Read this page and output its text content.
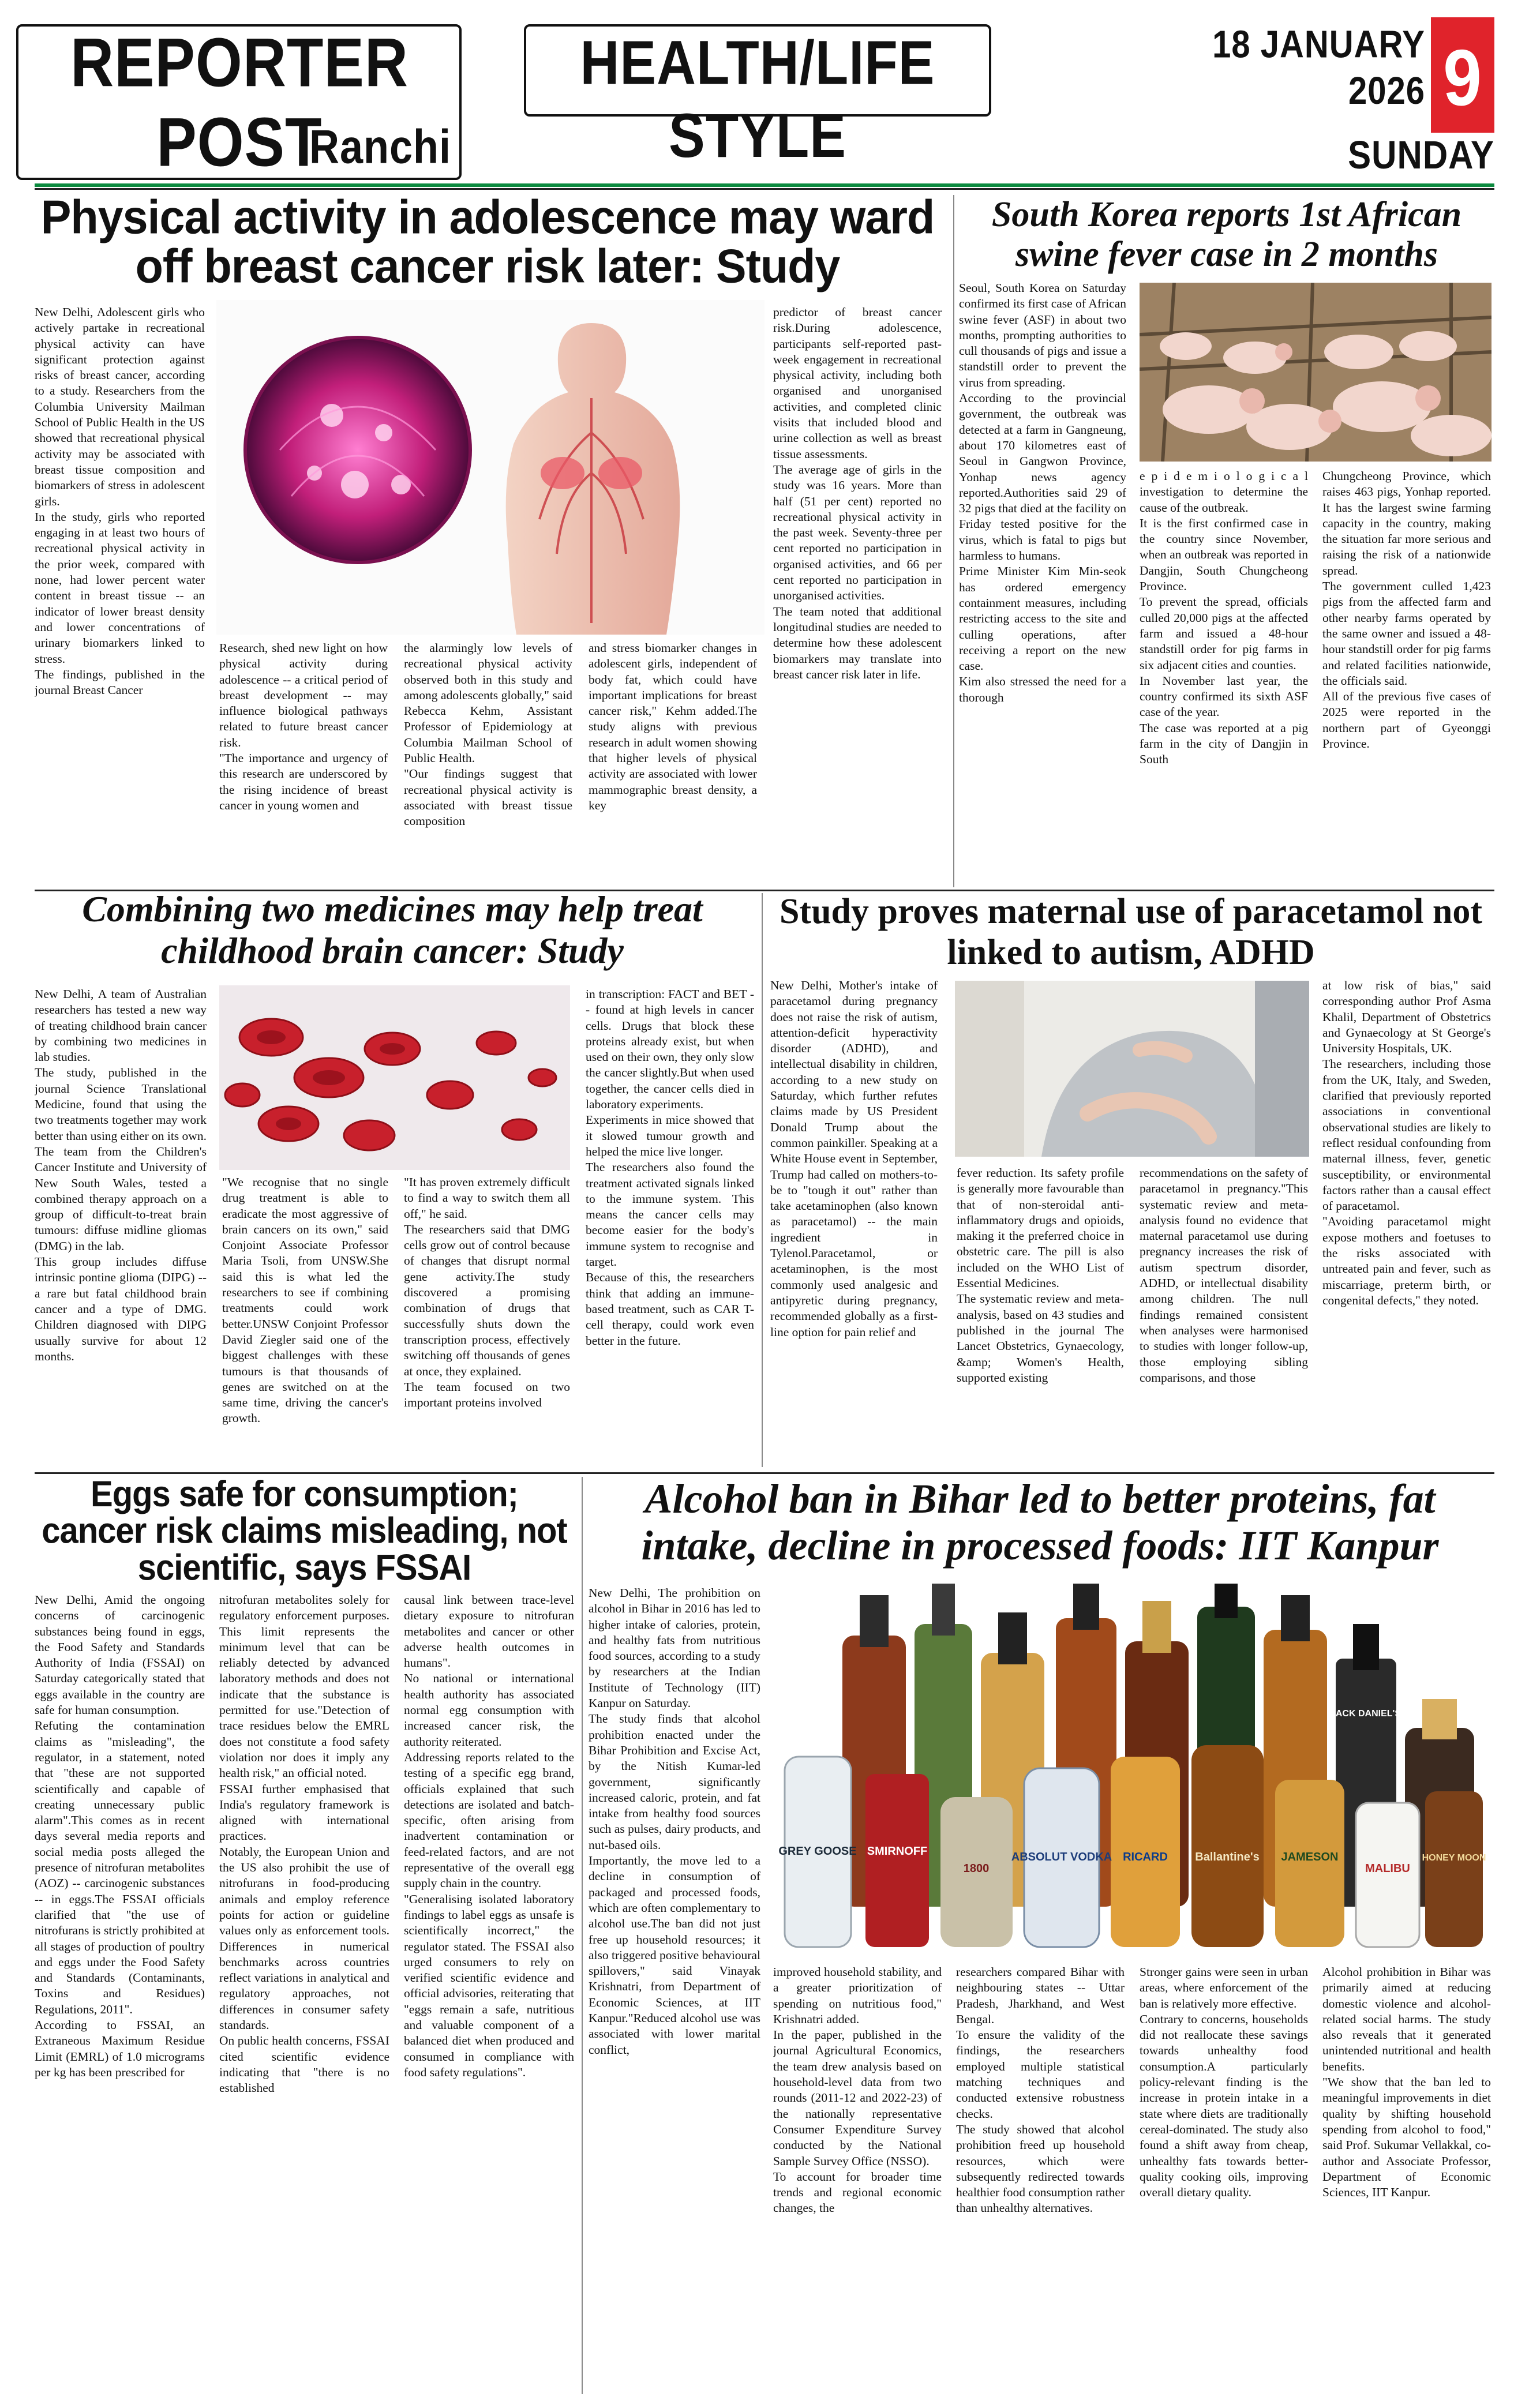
REPORTER POST
Ranchi
HEALTH/LIFE STYLE
18 JANUARY 2026 9
SUNDAY
Physical activity in adolescence may ward off breast cancer risk later: Study

New Delhi, Adolescent girls who actively partake in recreational physical activity can have significant protection against risks of breast cancer, according to a study. Researchers from the Columbia University Mailman School of Public Health in the US showed that recreational physical activity may be associated with breast tissue composition and biomarkers of stress in adolescent girls.
In the study, girls who reported engaging in at least two hours of recreational physical activity in the prior week, compared with none, had lower percent water content in breast tissue -- an indicator of lower breast density and lower concentrations of urinary biomarkers linked to stress.
The findings, published in the journal Breast Cancer

Research, shed new light on how physical activity during adolescence -- a critical period of breast development -- may influence biological pathways related to future breast cancer risk.
"The importance and urgency of this research are underscored by the rising incidence of breast cancer in young women and

the alarmingly low levels of recreational physical activity observed both in this study and among adolescents globally," said Rebecca Kehm, Assistant Professor of Epidemiology at Columbia Mailman School of Public Health.
"Our findings suggest that recreational physical activity is associated with breast tissue composition

and stress biomarker changes in adolescent girls, independent of body fat, which could have important implications for breast cancer risk," Kehm added.The study aligns with previous research in adult women showing that higher levels of physical activity are associated with lower mammographic breast density, a key

predictor of breast cancer risk.During adolescence, participants self-reported past-week engagement in recreational physical activity, including both organised and unorganised activities, and completed clinic visits that included blood and urine collection as well as breast tissue assessments.
The average age of girls in the study was 16 years. More than half (51 per cent) reported no recreational physical activity in the past week. Seventy-three per cent reported no participation in organised activities, and 66 per cent reported no participation in unorganised activities.
The team noted that additional longitudinal studies are needed to determine how these adolescent biomarkers may translate into breast cancer risk later in life.

South Korea reports 1st African swine fever case in 2 months

Seoul, South Korea on Saturday confirmed its first case of African swine fever (ASF) in about two months, prompting authorities to cull thousands of pigs and issue a standstill order to prevent the virus from spreading.
According to the provincial government, the outbreak was detected at a farm in Gangneung, about 170 kilometres east of Seoul in Gangwon Province, Yonhap news agency reported.Authorities said 29 of 32 pigs that died at the facility on Friday tested positive for the virus, which is fatal to pigs but harmless to humans.
Prime Minister Kim Min-seok has ordered emergency containment measures, including restricting access to the site and culling operations, after receiving a report on the new case.
Kim also stressed the need for a thorough

e p i d e m i o l o g i c a l investigation to determine the cause of the outbreak.
It is the first confirmed case in the country since November, when an outbreak was reported in Dangjin, South Chungcheong Province.
To prevent the spread, officials culled 20,000 pigs at the affected farm and issued a 48-hour standstill order for pig farms in six adjacent cities and counties.
In November last year, the country confirmed its sixth ASF case of the year.
The case was reported at a pig farm in the city of Dangjin in South

Chungcheong Province, which raises 463 pigs, Yonhap reported. It has the largest swine farming capacity in the country, making the situation far more serious and raising the risk of a nationwide spread.
The government culled 1,423 pigs from the affected farm and other nearby farms operated by the same owner and issued a 48-hour standstill order for pig farms and related facilities nationwide, the officials said.
All of the previous five cases of 2025 were reported in the northern part of Gyeonggi Province.

Combining two medicines may help treat childhood brain cancer: Study

New Delhi, A team of Australian researchers has tested a new way of treating childhood brain cancer by combining two medicines in lab studies.
The study, published in the journal Science Translational Medicine, found that using the two treatments together may work better than using either on its own.
The team from the Children's Cancer Institute and University of New South Wales, tested a combined therapy approach on a group of difficult-to-treat brain tumours: diffuse midline gliomas (DMG) in the lab.
This group includes diffuse intrinsic pontine glioma (DIPG) -- a rare but fatal childhood brain cancer and a type of DMG. Children diagnosed with DIPG usually survive for about 12 months.

"We recognise that no single drug treatment is able to eradicate the most aggressive of brain cancers on its own," said Conjoint Associate Professor Maria Tsoli, from UNSW.She said this is what led the researchers to see if combining treatments could work better.UNSW Conjoint Professor David Ziegler said one of the biggest challenges with these tumours is that thousands of genes are switched on at the same time, driving the cancer's growth.

"It has proven extremely difficult to find a way to switch them all off," he said.
The researchers said that DMG cells grow out of control because of changes that disrupt normal gene activity.The study discovered a promising combination of drugs that successfully shuts down the transcription process, effectively switching off thousands of genes at once, they explained.
The team focused on two important proteins involved

in transcription: FACT and BET -- found at high levels in cancer cells. Drugs that block these proteins already exist, but when used on their own, they only slow the cancer slightly.But when used together, the cancer cells died in laboratory experiments.
Experiments in mice showed that it slowed tumour growth and helped the mice live longer.
The researchers also found the treatment activated signals linked to the immune system. This means the cancer cells may become easier for the body's immune system to recognise and target.
Because of this, the researchers think that adding an immune-based treatment, such as CAR T-cell therapy, could work even better in the future.

Study proves maternal use of paracetamol not linked to autism, ADHD

New Delhi, Mother's intake of paracetamol during pregnancy does not raise the risk of autism, attention-deficit hyperactivity disorder (ADHD), and intellectual disability in children, according to a new study on Saturday, which further refutes claims made by US President Donald Trump about the common painkiller. Speaking at a White House event in September, Trump had called on mothers-to-be to "tough it out" rather than take acetaminophen (also known as paracetamol) -- the main ingredient in Tylenol.Paracetamol, or acetaminophen, is the most commonly used analgesic and antipyretic during pregnancy, recommended globally as a first-line option for pain relief and

fever reduction. Its safety profile is generally more favourable than that of non-steroidal anti-inflammatory drugs and opioids, making it the preferred choice in obstetric care. The pill is also included on the WHO List of Essential Medicines.
The systematic review and meta-analysis, based on 43 studies and published in the journal The Lancet Obstetrics, Gynaecology, &amp; Women's Health, supported existing

recommendations on the safety of paracetamol in pregnancy."This systematic review and meta-analysis found no evidence that maternal paracetamol use during pregnancy increases the risk of autism spectrum disorder, ADHD, or intellectual disability among children. The null findings remained consistent when analyses were harmonised to studies with longer follow-up, those employing sibling comparisons, and those

at low risk of bias," said corresponding author Prof Asma Khalil, Department of Obstetrics and Gynaecology at St George's University Hospitals, UK.
The researchers, including those from the UK, Italy, and Sweden, clarified that previously reported associations in conventional observational studies are likely to reflect residual confounding from maternal illness, fever, genetic susceptibility, or environmental factors rather than a causal effect of paracetamol.
"Avoiding paracetamol might expose mothers and foetuses to the risks associated with untreated pain and fever, such as miscarriage, preterm birth, or congenital defects," they noted.

Eggs safe for consumption; cancer risk claims misleading, not scientific, says FSSAI

New Delhi, Amid the ongoing concerns of carcinogenic substances being found in eggs, the Food Safety and Standards Authority of India (FSSAI) on Saturday categorically stated that eggs available in the country are safe for human consumption.
Refuting the contamination claims as "misleading", the regulator, in a statement, noted that "these are not supported scientifically and capable of creating unnecessary public alarm".This comes as in recent days several media reports and social media posts alleged the presence of nitrofuran metabolites (AOZ) -- carcinogenic substances -- in eggs.The FSSAI officials clarified that "the use of nitrofurans is strictly prohibited at all stages of production of poultry and eggs under the Food Safety and Standards (Contaminants, Toxins and Residues) Regulations, 2011".
According to FSSAI, an Extraneous Maximum Residue Limit (EMRL) of 1.0 micrograms per kg has been prescribed for

nitrofuran metabolites solely for regulatory enforcement purposes. This limit represents the minimum level that can be reliably detected by advanced laboratory methods and does not indicate that the substance is permitted for use."Detection of trace residues below the EMRL does not constitute a food safety violation nor does it imply any health risk," an official noted.
FSSAI further emphasised that India's regulatory framework is aligned with international practices.
Notably, the European Union and the US also prohibit the use of nitrofurans in food-producing animals and employ reference points for action or guideline values only as enforcement tools. Differences in numerical benchmarks across countries reflect variations in analytical and regulatory approaches, not differences in consumer safety standards.
On public health concerns, FSSAI cited scientific evidence indicating that "there is no established

causal link between trace-level dietary exposure to nitrofuran metabolites and cancer or other adverse health outcomes in humans".
No national or international health authority has associated normal egg consumption with increased cancer risk, the authority reiterated.
Addressing reports related to the testing of a specific egg brand, officials explained that such detections are isolated and batch-specific, often arising from inadvertent contamination or feed-related factors, and are not representative of the overall egg supply chain in the country.
"Generalising isolated laboratory findings to label eggs as unsafe is scientifically incorrect," the regulator stated. The FSSAI also urged consumers to rely on verified scientific evidence and official advisories, reiterating that "eggs remain a safe, nutritious and valuable component of a balanced diet when produced and consumed in compliance with food safety regulations".

Alcohol ban in Bihar led to better proteins, fat intake, decline in processed foods: IIT Kanpur

New Delhi, The prohibition on alcohol in Bihar in 2016 has led to higher intake of calories, protein, and healthy fats from nutritious food sources, according to a study by researchers at the Indian Institute of Technology (IIT) Kanpur on Saturday.
The study finds that alcohol prohibition enacted under the Bihar Prohibition and Excise Act, by the Nitish Kumar-led government, significantly increased caloric, protein, and fat intake from healthy food sources such as pulses, dairy products, and nut-based oils.
Importantly, the move led to a decline in consumption of packaged and processed foods, which are often complementary to alcohol use.The ban did not just free up household resources; it also triggered positive behavioural spillovers," said Vinayak Krishnatri, from Department of Economic Sciences, at IIT Kanpur."Reduced alcohol use was associated with lower marital conflict,

GREY GOOSE SMIRNOFF
1800
ABSOLUT VODKA RICARD Ballantine's JAMESON
MALIBU
JACK DANIEL'S
HONEY MOON

improved household stability, and a greater prioritization of spending on nutritious food," Krishnatri added.
In the paper, published in the journal Agricultural Economics, the team drew analysis based on household-level data from two rounds (2011-12 and 2022-23) of the nationally representative Consumer Expenditure Survey conducted by the National Sample Survey Office (NSSO).
To account for broader time trends and regional economic changes, the

researchers compared Bihar with neighbouring states -- Uttar Pradesh, Jharkhand, and West Bengal.
To ensure the validity of the findings, the researchers employed multiple statistical matching techniques and conducted extensive robustness checks.
The study showed that alcohol prohibition freed up household resources, which were subsequently redirected towards healthier food consumption rather than unhealthy alternatives.

Stronger gains were seen in urban areas, where enforcement of the ban is relatively more effective.
Contrary to concerns, households did not reallocate these savings towards unhealthy food consumption.A particularly policy-relevant finding is the increase in protein intake in a state where diets are traditionally cereal-dominated. The study also found a shift away from cheap, unhealthy fats towards better-quality cooking oils, improving overall dietary quality.

Alcohol prohibition in Bihar was primarily aimed at reducing domestic violence and alcohol-related social harms. The study also reveals that it generated unintended nutritional and health benefits.
"We show that the ban led to meaningful improvements in diet quality by shifting household spending from alcohol to food," said Prof. Sukumar Vellakkal, co-author and Associate Professor, Department of Economic Sciences, IIT Kanpur.
